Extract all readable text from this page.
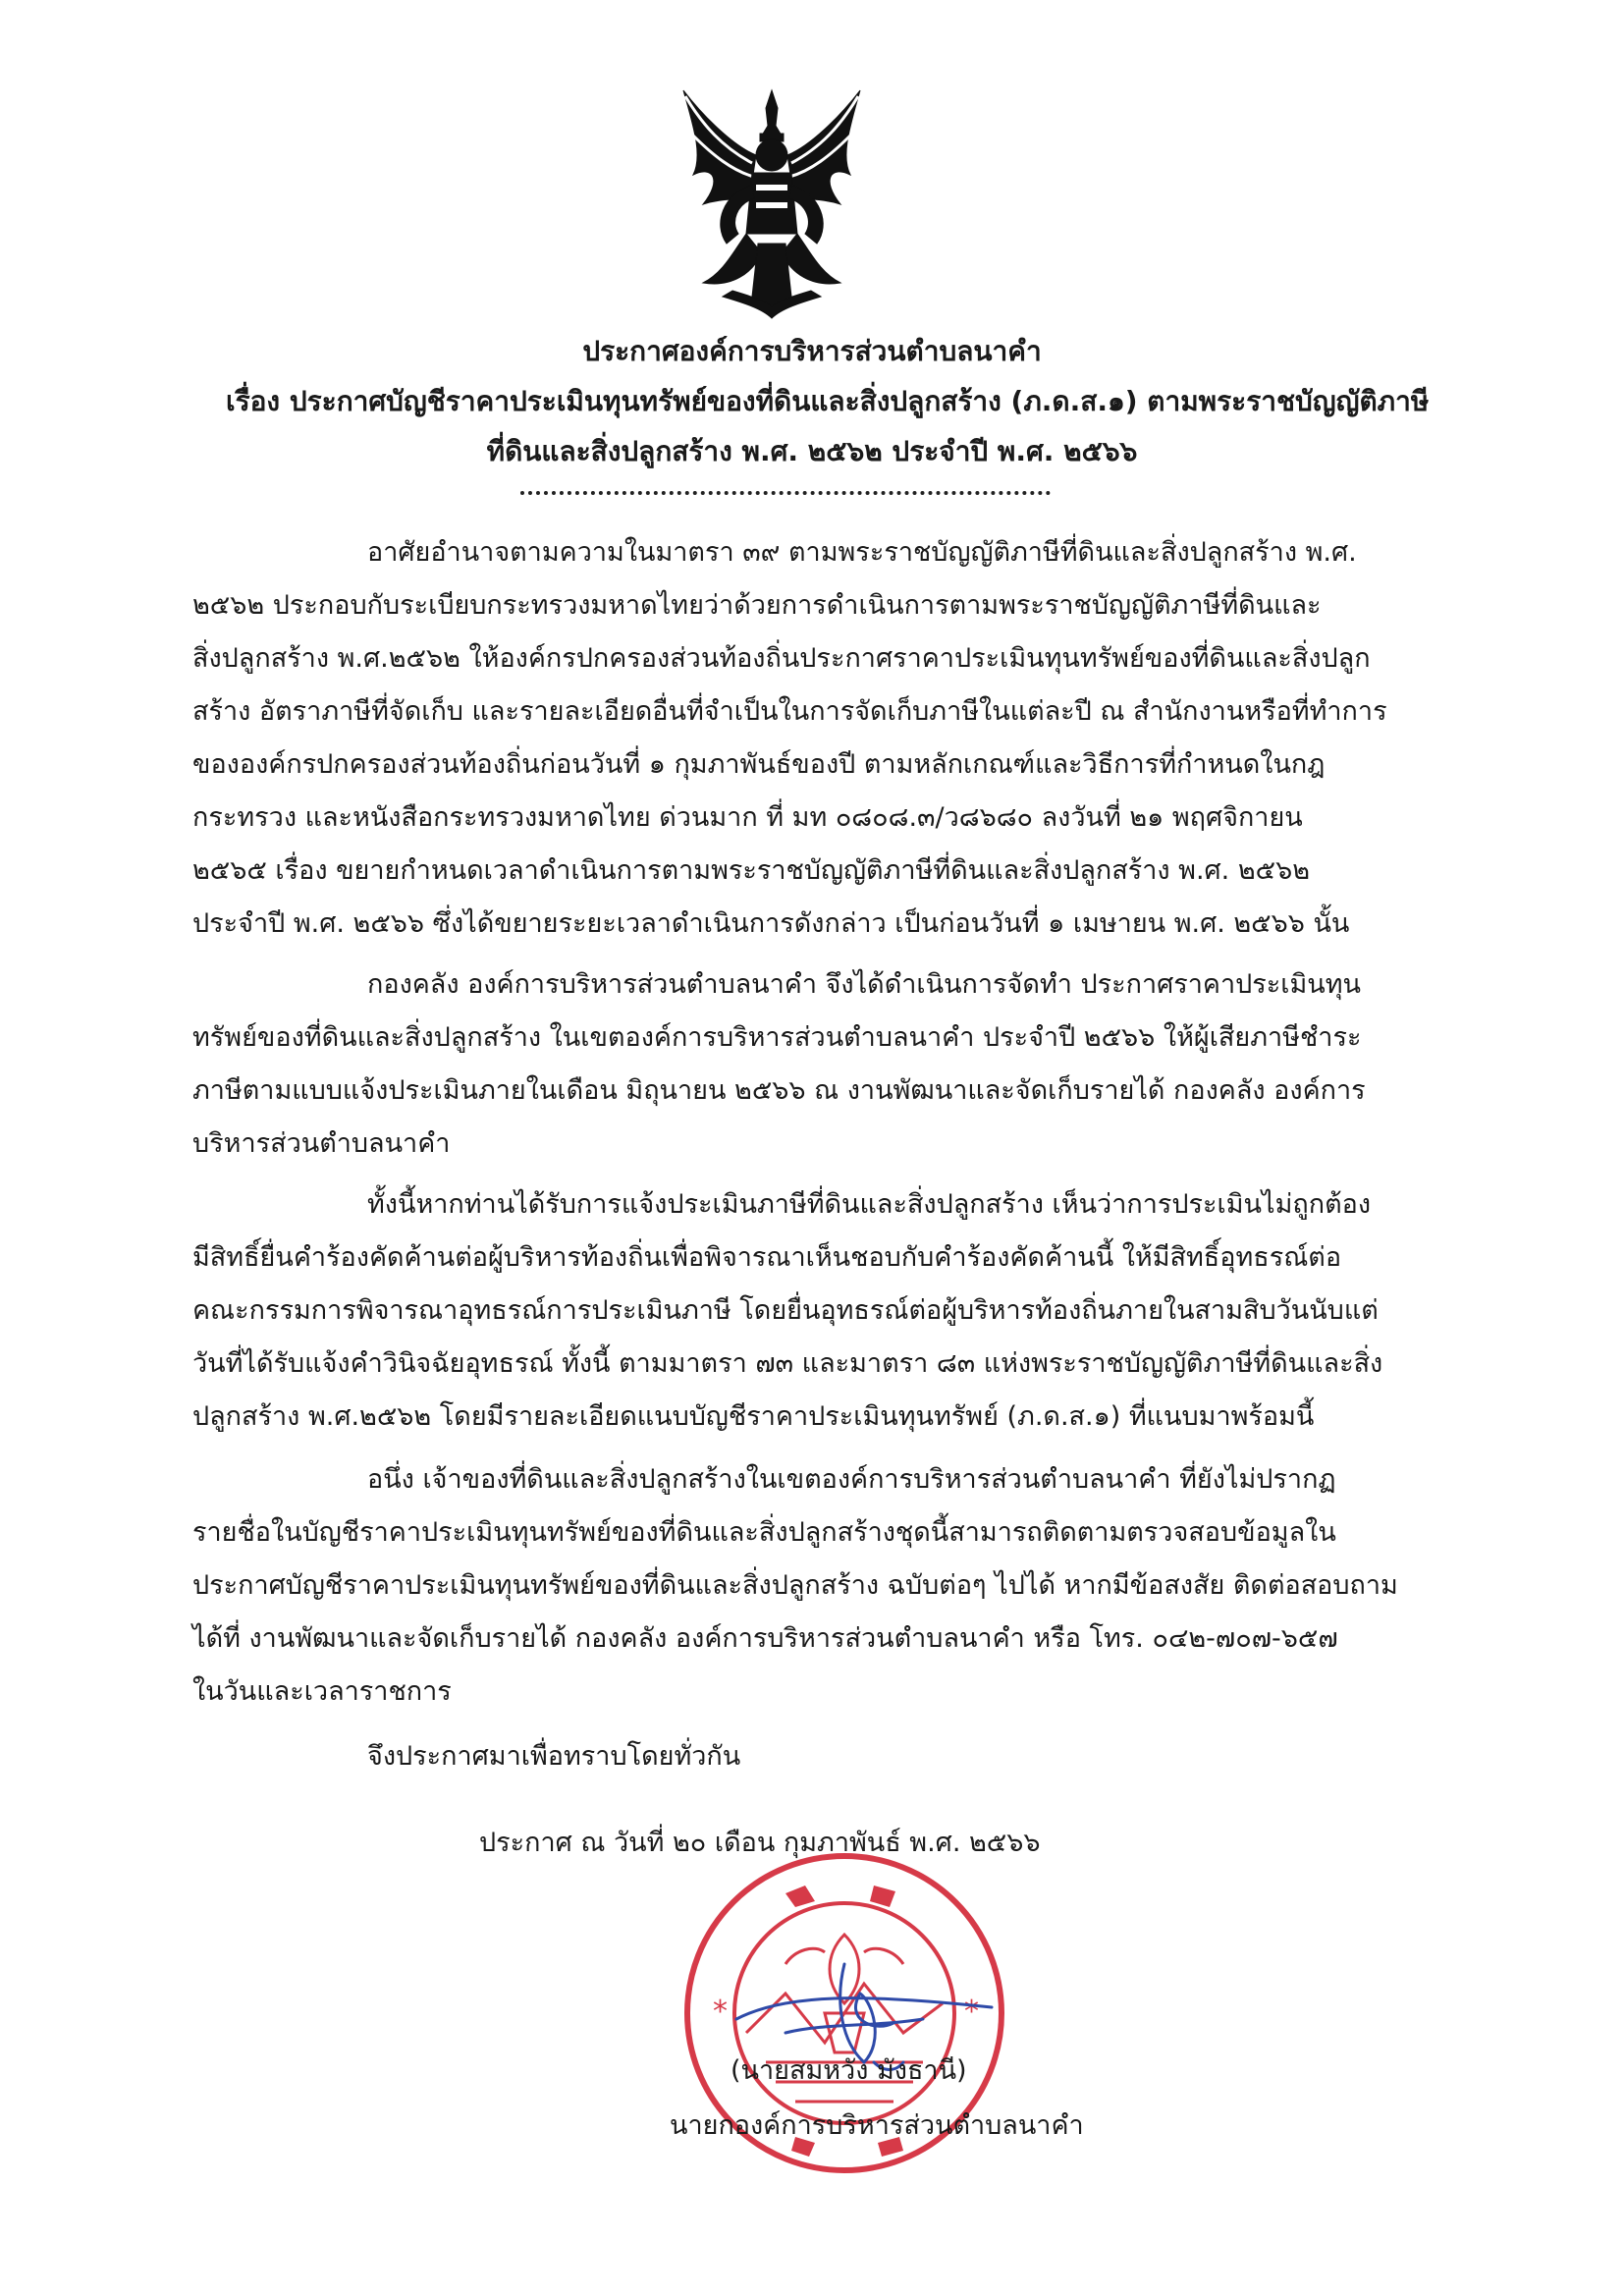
ประกาศองค์การบริหารส่วนตำบลนาคำ
เรื่อง ประกาศบัญชีราคาประเมินทุนทรัพย์ของที่ดินและสิ่งปลูกสร้าง (ภ.ด.ส.๑) ตามพระราชบัญญัติภาษี
ที่ดินและสิ่งปลูกสร้าง พ.ศ. ๒๕๖๒ ประจำปี พ.ศ. ๒๕๖๖
อาศัยอำนาจตามความในมาตรา ๓๙ ตามพระราชบัญญัติภาษีที่ดินและสิ่งปลูกสร้าง พ.ศ.
๒๕๖๒ ประกอบกับระเบียบกระทรวงมหาดไทยว่าด้วยการดำเนินการตามพระราชบัญญัติภาษีที่ดินและ
สิ่งปลูกสร้าง พ.ศ.๒๕๖๒ ให้องค์กรปกครองส่วนท้องถิ่นประกาศราคาประเมินทุนทรัพย์ของที่ดินและสิ่งปลูก
สร้าง อัตราภาษีที่จัดเก็บ และรายละเอียดอื่นที่จำเป็นในการจัดเก็บภาษีในแต่ละปี ณ สำนักงานหรือที่ทำการ
ขององค์กรปกครองส่วนท้องถิ่นก่อนวันที่ ๑ กุมภาพันธ์ของปี ตามหลักเกณฑ์และวิธีการที่กำหนดในกฎ
กระทรวง และหนังสือกระทรวงมหาดไทย ด่วนมาก ที่ มท ๐๘๐๘.๓/ว๘๖๘๐ ลงวันที่ ๒๑ พฤศจิกายน
๒๕๖๕ เรื่อง ขยายกำหนดเวลาดำเนินการตามพระราชบัญญัติภาษีที่ดินและสิ่งปลูกสร้าง พ.ศ. ๒๕๖๒
ประจำปี พ.ศ. ๒๕๖๖ ซึ่งได้ขยายระยะเวลาดำเนินการดังกล่าว เป็นก่อนวันที่ ๑ เมษายน พ.ศ. ๒๕๖๖ นั้น
กองคลัง องค์การบริหารส่วนตำบลนาคำ จึงได้ดำเนินการจัดทำ ประกาศราคาประเมินทุน
ทรัพย์ของที่ดินและสิ่งปลูกสร้าง ในเขตองค์การบริหารส่วนตำบลนาคำ ประจำปี ๒๕๖๖ ให้ผู้เสียภาษีชำระ
ภาษีตามแบบแจ้งประเมินภายในเดือน มิถุนายน ๒๕๖๖ ณ งานพัฒนาและจัดเก็บรายได้ กองคลัง องค์การ
บริหารส่วนตำบลนาคำ
ทั้งนี้หากท่านได้รับการแจ้งประเมินภาษีที่ดินและสิ่งปลูกสร้าง เห็นว่าการประเมินไม่ถูกต้อง
มีสิทธิ์ยื่นคำร้องคัดค้านต่อผู้บริหารท้องถิ่นเพื่อพิจารณาเห็นชอบกับคำร้องคัดค้านนี้ ให้มีสิทธิ์อุทธรณ์ต่อ
คณะกรรมการพิจารณาอุทธรณ์การประเมินภาษี โดยยื่นอุทธรณ์ต่อผู้บริหารท้องถิ่นภายในสามสิบวันนับแต่
วันที่ได้รับแจ้งคำวินิจฉัยอุทธรณ์ ทั้งนี้ ตามมาตรา ๗๓ และมาตรา ๘๓ แห่งพระราชบัญญัติภาษีที่ดินและสิ่ง
ปลูกสร้าง พ.ศ.๒๕๖๒ โดยมีรายละเอียดแนบบัญชีราคาประเมินทุนทรัพย์ (ภ.ด.ส.๑) ที่แนบมาพร้อมนี้
อนึ่ง เจ้าของที่ดินและสิ่งปลูกสร้างในเขตองค์การบริหารส่วนตำบลนาคำ ที่ยังไม่ปรากฏ
รายชื่อในบัญชีราคาประเมินทุนทรัพย์ของที่ดินและสิ่งปลูกสร้างชุดนี้สามารถติดตามตรวจสอบข้อมูลใน
ประกาศบัญชีราคาประเมินทุนทรัพย์ของที่ดินและสิ่งปลูกสร้าง ฉบับต่อๆ ไปได้ หากมีข้อสงสัย ติดต่อสอบถาม
ได้ที่ งานพัฒนาและจัดเก็บรายได้ กองคลัง องค์การบริหารส่วนตำบลนาคำ หรือ โทร. ๐๔๒-๗๐๗-๖๕๗
ในวันและเวลาราชการ
จึงประกาศมาเพื่อทราบโดยทั่วกัน
ประกาศ ณ วันที่ ๒๐ เดือน กุมภาพันธ์ พ.ศ. ๒๕๖๖
*	*
(นายสมหวัง มังธานี)
นายกองค์การบริหารส่วนตำบลนาคำ
